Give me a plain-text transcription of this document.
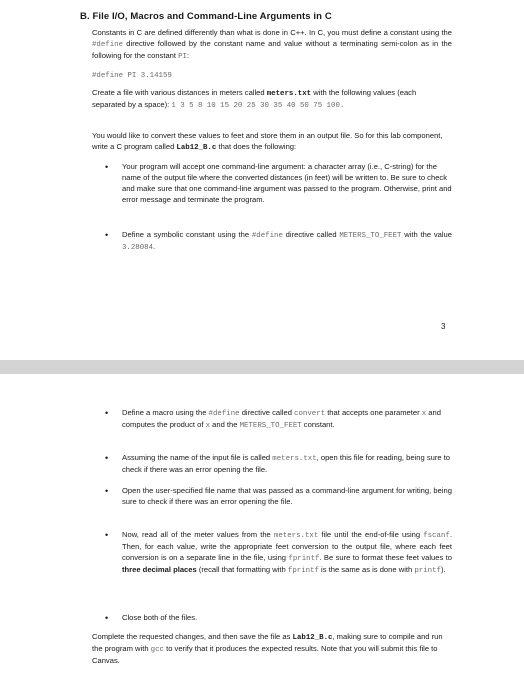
B. File I/O, Macros and Command-Line Arguments in C

Constants in C are defined differently than what is done in C++. In C, you must define a constant using the #define directive followed by the constant name and value without a terminating semi-colon as in the following for the constant PI:

#define PI 3.14159

Create a file with various distances in meters called meters.txt with the following values (each separated by a space): 1 3 5 8 10 15 20 25 30 35 40 50 75 100.

You would like to convert these values to feet and store them in an output file. So for this lab component, write a C program called Lab12_B.c that does the following:

• Your program will accept one command-line argument: a character array (i.e., C-string) for the name of the output file where the converted distances (in feet) will be written to. Be sure to check and make sure that one command-line argument was passed to the program. Otherwise, print and error message and terminate the program.
• Define a symbolic constant using the #define directive called METERS_TO_FEET with the value 3.28084.
3
• Define a macro using the #define directive called convert that accepts one parameter x and computes the product of x and the METERS_TO_FEET constant.
• Assuming the name of the input file is called meters.txt, open this file for reading, being sure to check if there was an error opening the file.
• Open the user-specified file name that was passed as a command-line argument for writing, being sure to check if there was an error opening the file.
• Now, read all of the meter values from the meters.txt file until the end-of-file using fscanf. Then, for each value, write the appropriate feet conversion to the output file, where each feet conversion is on a separate line in the file, using fprintf. Be sure to format these feet values to three decimal places (recall that formatting with fprintf is the same as is done with printf).
• Close both of the files.

Complete the requested changes, and then save the file as Lab12_B.c, making sure to compile and run the program with gcc to verify that it produces the expected results. Note that you will submit this file to Canvas.
